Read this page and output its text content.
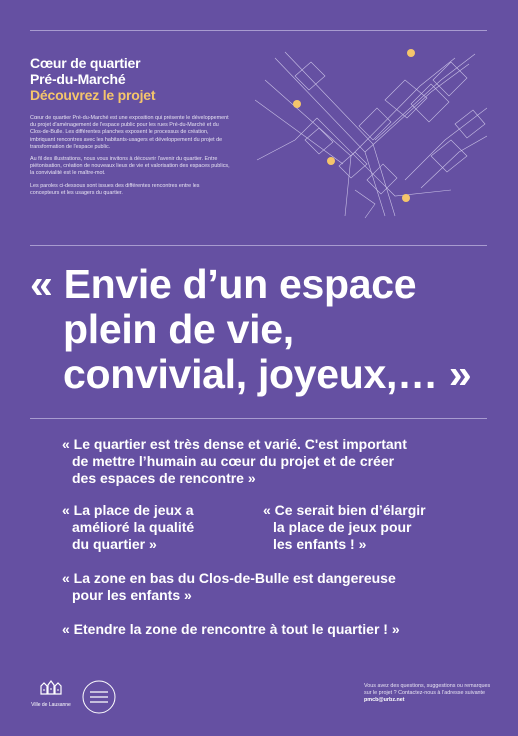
Cœur de quartier
Pré-du-Marché
Découvrez le projet

Cœur de quartier Pré-du-Marché est une exposition qui présente le développement du projet d'aménagement de l'espace public pour les rues Pré-du-Marché et du Clos-de-Bulle. Les différentes planches exposent le processus de création, imbriquant rencontres avec les habitants-usagers et développement du projet de transformation de l'espace public.

Au fil des illustrations, nous vous invitons à découvrir l'avenir du quartier. Entre piétonisation, création de nouveaux lieux de vie et valorisation des espaces publics, la convivialité est le maître-mot.

Les paroles ci-dessous sont issues des différentes rencontres entre les concepteurs et les usagers du quartier.

« Envie d’un espace
plein de vie,
convivial, joyeux,… »
« Le quartier est très dense et varié. C'est important
de mettre l’humain au cœur du projet et de créer
des espaces de rencontre »
« La place de jeux a
amélioré la qualité
du quartier »
« Ce serait bien d’élargir
la place de jeux pour
les enfants ! »
« La zone en bas du Clos-de-Bulle est dangereuse
pour les enfants »
« Etendre la zone de rencontre à tout le quartier ! »
Ville de Lausanne
Vous avez des questions, suggestions ou remarques sur le projet ? Contactez-nous à l’adresse suivante pmcb@urbz.net
